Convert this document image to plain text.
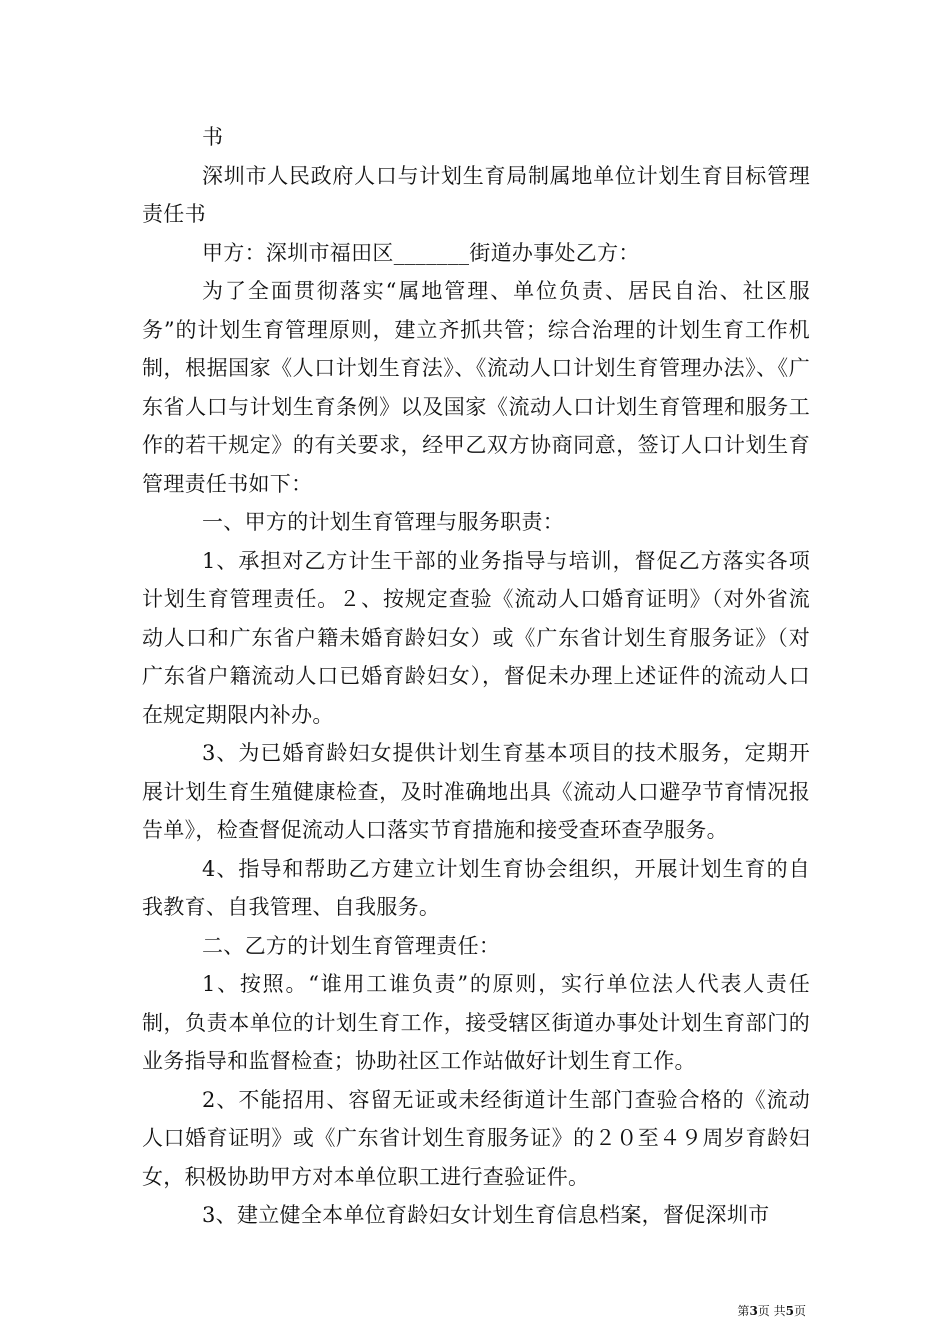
书

深圳市人民政府人口与计划生育局制属地单位计划生育目标管理责任书

甲方：深圳市福田区_______街道办事处乙方：

为了全面贯彻落实“属地管理、单位负责、居民自治、社区服务”的计划生育管理原则，建立齐抓共管；综合治理的计划生育工作机制，根据国家《人口计划生育法》、《流动人口计划生育管理办法》、《广东省人口与计划生育条例》以及国家《流动人口计划生育管理和服务工作的若干规定》的有关要求，经甲乙双方协商同意，签订人口计划生育管理责任书如下：

一、甲方的计划生育管理与服务职责：

1、承担对乙方计生干部的业务指导与培训，督促乙方落实各项计划生育管理责任。２、按规定查验《流动人口婚育证明》（对外省流动人口和广东省户籍未婚育龄妇女）或《广东省计划生育服务证》（对广东省户籍流动人口已婚育龄妇女），督促未办理上述证件的流动人口在规定期限内补办。

3、为已婚育龄妇女提供计划生育基本项目的技术服务，定期开展计划生育生殖健康检查，及时准确地出具《流动人口避孕节育情况报告单》，检查督促流动人口落实节育措施和接受查环查孕服务。

4、指导和帮助乙方建立计划生育协会组织，开展计划生育的自我教育、自我管理、自我服务。

二、乙方的计划生育管理责任：

1、按照。“谁用工谁负责”的原则，实行单位法人代表人责任制，负责本单位的计划生育工作，接受辖区街道办事处计划生育部门的业务指导和监督检查；协助社区工作站做好计划生育工作。

2、不能招用、容留无证或未经街道计生部门查验合格的《流动人口婚育证明》或《广东省计划生育服务证》的２０至４９周岁育龄妇女，积极协助甲方对本单位职工进行查验证件。

3、建立健全本单位育龄妇女计划生育信息档案，督促深圳市

第3页 共5页
